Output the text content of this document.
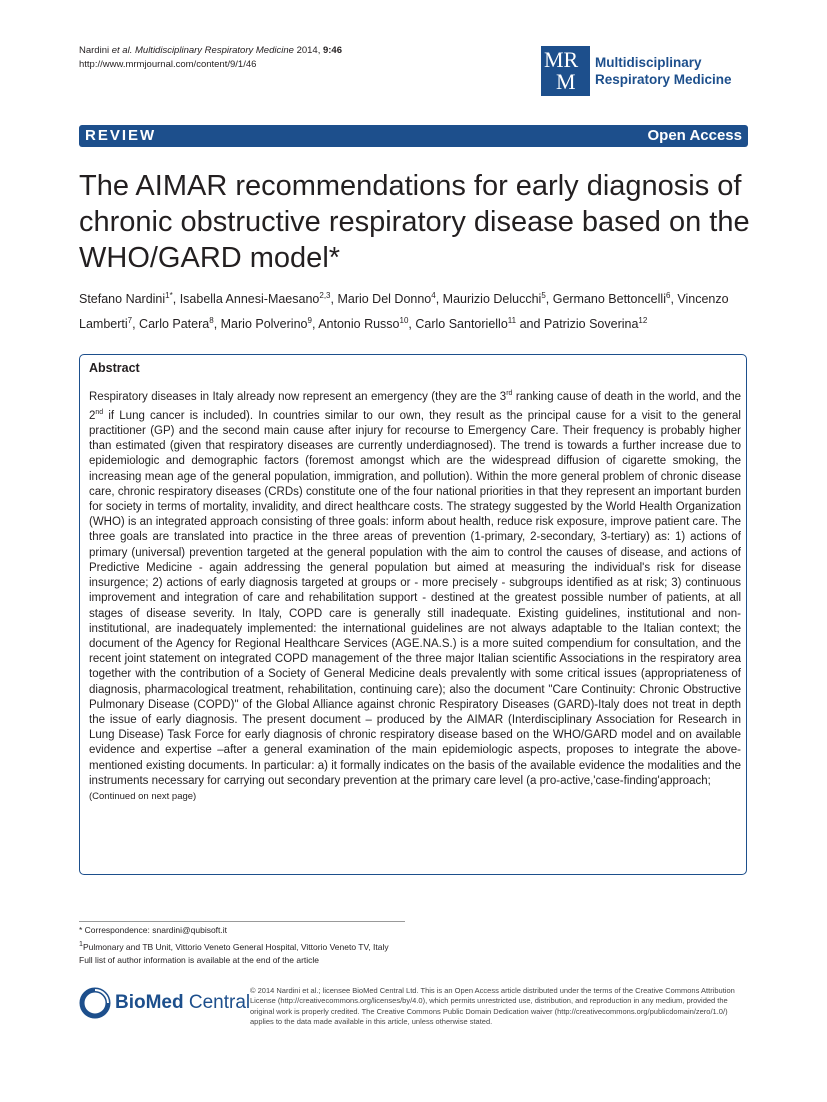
Nardini et al. Multidisciplinary Respiratory Medicine 2014, 9:46
http://www.mrmjournal.com/content/9/1/46	MR
M
Multidisciplinary
Respiratory Medicine
REVIEW	Open Access
The AIMAR recommendations for early diagnosis of chronic obstructive respiratory disease based on the WHO/GARD model*
Stefano Nardini$^{1*}$, Isabella Annesi-Maesano$^{2,3}$, Mario Del Donno$^4$, Maurizio Delucchi$^5$, Germano Bettoncelli$^6$, Vincenzo Lamberti$^7$, Carlo Patera$^8$, Mario Polverino$^9$, Antonio Russo$^{10}$, Carlo Santoriello$^{11}$ and Patrizio Soverina$^{12}$
Abstract
Respiratory diseases in Italy already now represent an emergency (they are the 3rd ranking cause of death in the world, and the 2nd if Lung cancer is included). In countries similar to our own, they result as the principal cause for a visit to the general practitioner (GP) and the second main cause after injury for recourse to Emergency Care. Their frequency is probably higher than estimated (given that respiratory diseases are currently underdiagnosed). The trend is towards a further increase due to epidemiologic and demographic factors (foremost amongst which are the widespread diffusion of cigarette smoking, the increasing mean age of the general population, immigration, and pollution). Within the more general problem of chronic disease care, chronic respiratory diseases (CRDs) constitute one of the four national priorities in that they represent an important burden for society in terms of mortality, invalidity, and direct healthcare costs. The strategy suggested by the World Health Organization (WHO) is an integrated approach consisting of three goals: inform about health, reduce risk exposure, improve patient care. The three goals are translated into practice in the three areas of prevention (1-primary, 2-secondary, 3-tertiary) as: 1) actions of primary (universal) prevention targeted at the general population with the aim to control the causes of disease, and actions of Predictive Medicine - again addressing the general population but aimed at measuring the individual's risk for disease insurgence; 2) actions of early diagnosis targeted at groups or - more precisely - subgroups identified as at risk; 3) continuous improvement and integration of care and rehabilitation support - destined at the greatest possible number of patients, at all stages of disease severity. In Italy, COPD care is generally still inadequate. Existing guidelines, institutional and non-institutional, are inadequately implemented: the international guidelines are not always adaptable to the Italian context; the document of the Agency for Regional Healthcare Services (AGE.NA.S.) is a more suited compendium for consultation, and the recent joint statement on integrated COPD management of the three major Italian scientific Associations in the respiratory area together with the contribution of a Society of General Medicine deals prevalently with some critical issues (appropriateness of diagnosis, pharmacological treatment, rehabilitation, continuing care); also the document "Care Continuity: Chronic Obstructive Pulmonary Disease (COPD)" of the Global Alliance against chronic Respiratory Diseases (GARD)-Italy does not treat in depth the issue of early diagnosis. The present document – produced by the AIMAR (Interdisciplinary Association for Research in Lung Disease) Task Force for early diagnosis of chronic respiratory disease based on the WHO/GARD model and on available evidence and expertise –after a general examination of the main epidemiologic aspects, proposes to integrate the above-mentioned existing documents. In particular: a) it formally indicates on the basis of the available evidence the modalities and the instruments necessary for carrying out secondary prevention at the primary care level (a pro-active,'case-finding'approach;
(Continued on next page)
* Correspondence: snardini@qubisoft.it
$^1$Pulmonary and TB Unit, Vittorio Veneto General Hospital, Vittorio Veneto TV, Italy
Full list of author information is available at the end of the article
BioMed Central
© 2014 Nardini et al.; licensee BioMed Central Ltd. This is an Open Access article distributed under the terms of the Creative Commons Attribution License (http://creativecommons.org/licenses/by/4.0), which permits unrestricted use, distribution, and reproduction in any medium, provided the original work is properly credited. The Creative Commons Public Domain Dedication waiver (http://creativecommons.org/publicdomain/zero/1.0/) applies to the data made available in this article, unless otherwise stated.
